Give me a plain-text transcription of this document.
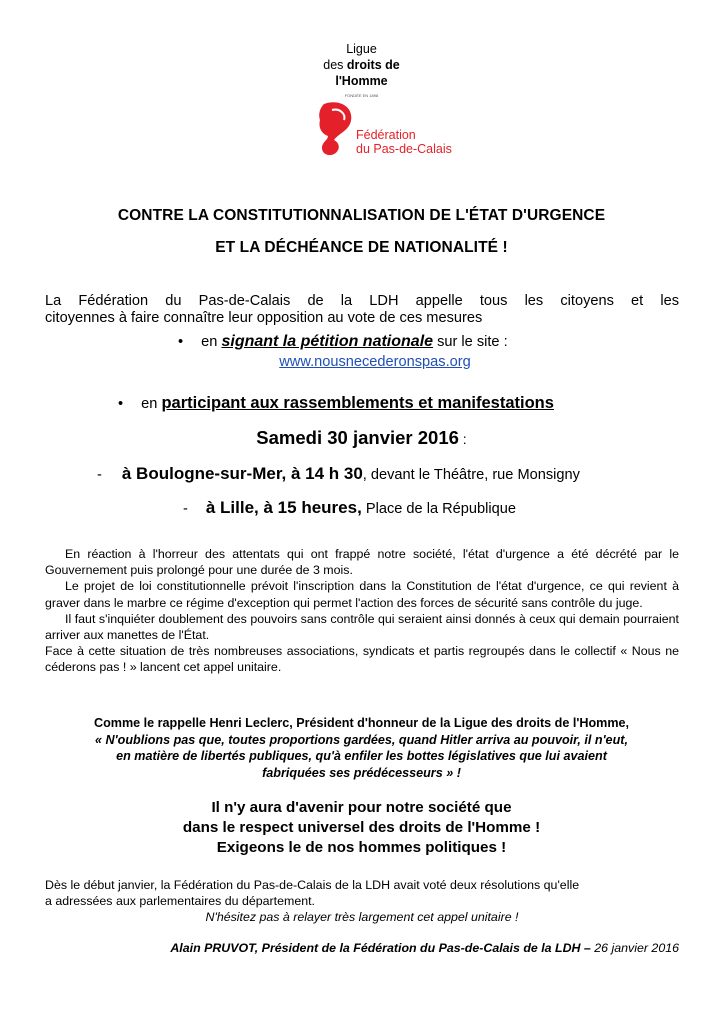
Ligue
des droits de
l'Homme
FONDÉE EN 1898
Fédération
du Pas-de-Calais
CONTRE LA CONSTITUTIONNALISATION DE L'ÉTAT D'URGENCE
ET LA DÉCHÉANCE DE NATIONALITÉ !
La Fédération du Pas-de-Calais de la LDH appelle tous les citoyens et les
citoyennes à faire connaître leur opposition au vote de ces mesures
• en signant la pétition nationale sur le site :
www.nousnecederonspas.org
• en participant aux rassemblements et manifestations
Samedi 30 janvier 2016 :
- à Boulogne-sur-Mer, à 14 h 30, devant le Théâtre, rue Monsigny
- à Lille, à 15 heures, Place de la République

En réaction à l'horreur des attentats qui ont frappé notre société, l'état d'urgence a été décrété par le Gouvernement puis prolongé pour une durée de 3 mois.

Le projet de loi constitutionnelle prévoit l'inscription dans la Constitution de l'état d'urgence, ce qui revient à graver dans le marbre ce régime d'exception qui permet l'action des forces de sécurité sans contrôle du juge.

Il faut s'inquiéter doublement des pouvoirs sans contrôle qui seraient ainsi donnés à ceux qui demain pourraient arriver aux manettes de l'État.

Face à cette situation de très nombreuses associations, syndicats et partis regroupés dans le collectif « Nous ne céderons pas ! » lancent cet appel unitaire.

Comme le rappelle Henri Leclerc, Président d'honneur de la Ligue des droits de l'Homme,
« N'oublions pas que, toutes proportions gardées, quand Hitler arriva au pouvoir, il n'eut,
en matière de libertés publiques, qu'à enfiler les bottes législatives que lui avaient
fabriquées ses prédécesseurs » !
Il n'y aura d'avenir pour notre société que
dans le respect universel des droits de l'Homme !
Exigeons le de nos hommes politiques !
Dès le début janvier, la Fédération du Pas-de-Calais de la LDH avait voté deux résolutions qu'elle
a adressées aux parlementaires du département.
N'hésitez pas à relayer très largement cet appel unitaire !
Alain PRUVOT, Président de la Fédération du Pas-de-Calais de la LDH – 26 janvier 2016
